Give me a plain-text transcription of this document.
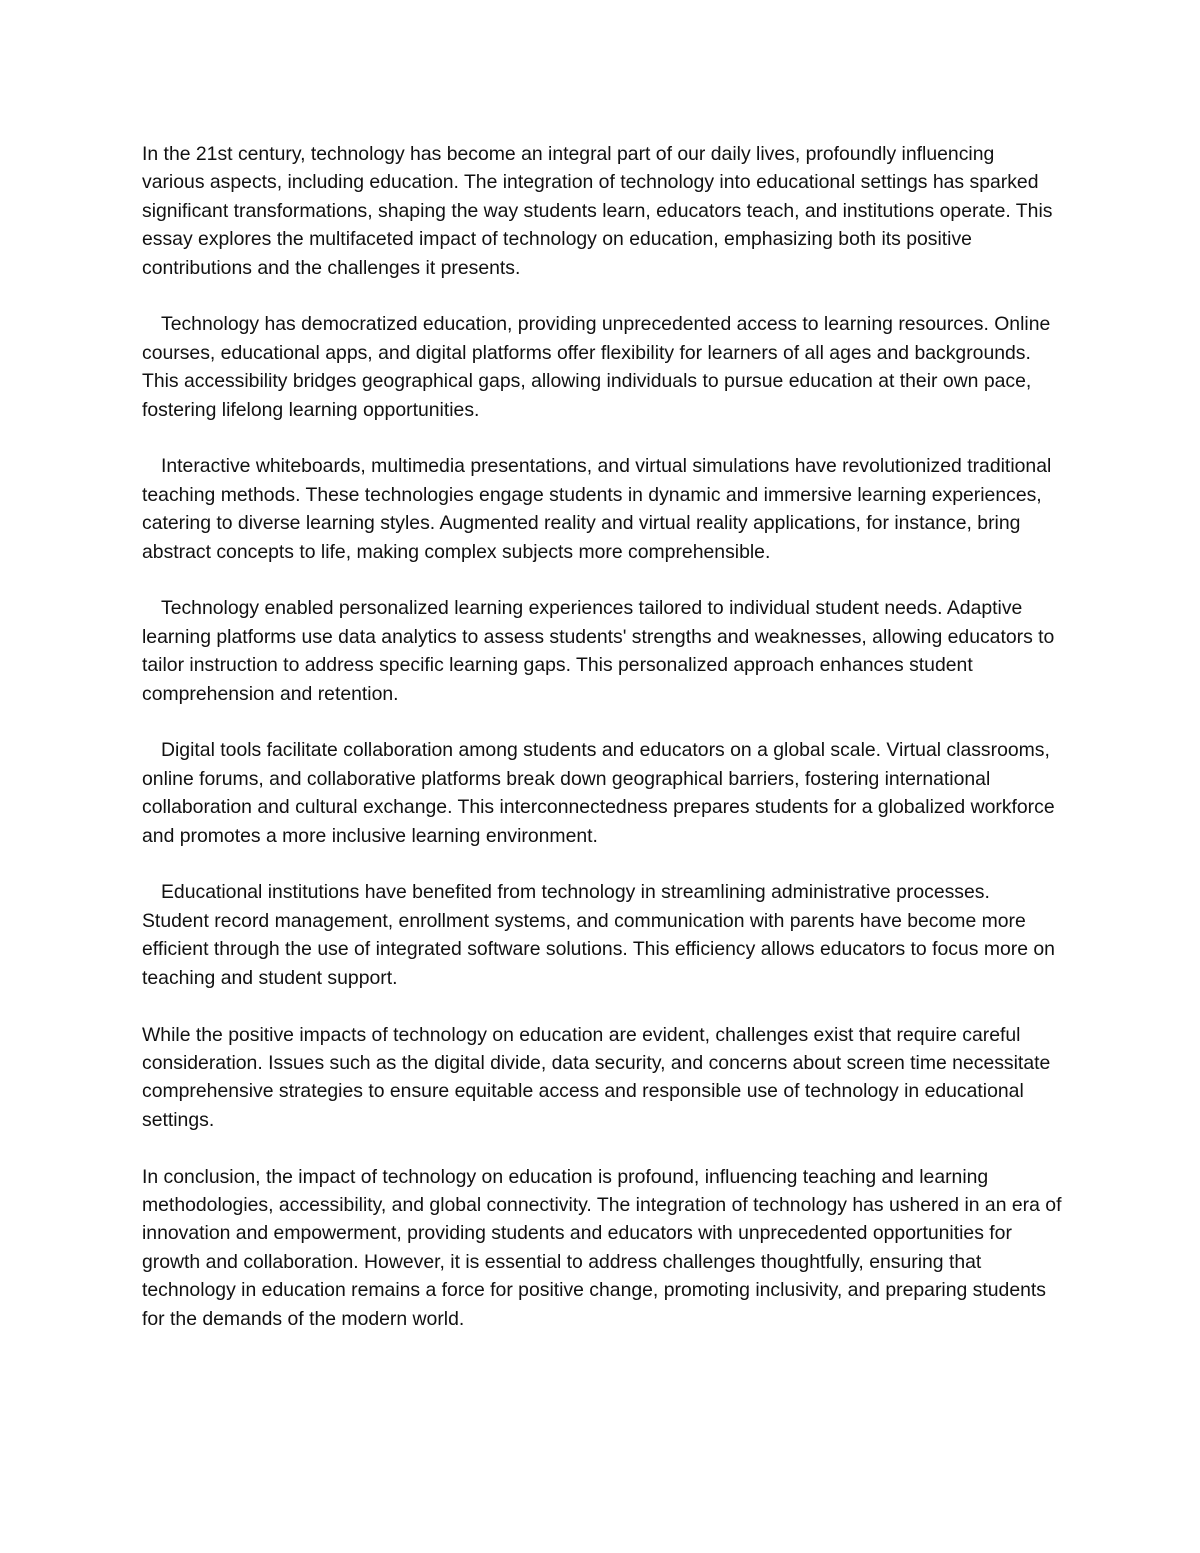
In the 21st century, technology has become an integral part of our daily lives, profoundly influencing various aspects, including education. The integration of technology into educational settings has sparked significant transformations, shaping the way students learn, educators teach, and institutions operate. This essay explores the multifaceted impact of technology on education, emphasizing both its positive contributions and the challenges it presents.

Technology has democratized education, providing unprecedented access to learning resources. Online courses, educational apps, and digital platforms offer flexibility for learners of all ages and backgrounds. This accessibility bridges geographical gaps, allowing individuals to pursue education at their own pace, fostering lifelong learning opportunities.

Interactive whiteboards, multimedia presentations, and virtual simulations have revolutionized traditional teaching methods. These technologies engage students in dynamic and immersive learning experiences, catering to diverse learning styles. Augmented reality and virtual reality applications, for instance, bring abstract concepts to life, making complex subjects more comprehensible.

Technology enabled personalized learning experiences tailored to individual student needs. Adaptive learning platforms use data analytics to assess students' strengths and weaknesses, allowing educators to tailor instruction to address specific learning gaps. This personalized approach enhances student comprehension and retention.

Digital tools facilitate collaboration among students and educators on a global scale. Virtual classrooms, online forums, and collaborative platforms break down geographical barriers, fostering international collaboration and cultural exchange. This interconnectedness prepares students for a globalized workforce and promotes a more inclusive learning environment.

Educational institutions have benefited from technology in streamlining administrative processes. Student record management, enrollment systems, and communication with parents have become more efficient through the use of integrated software solutions. This efficiency allows educators to focus more on teaching and student support.

While the positive impacts of technology on education are evident, challenges exist that require careful consideration. Issues such as the digital divide, data security, and concerns about screen time necessitate comprehensive strategies to ensure equitable access and responsible use of technology in educational settings.

In conclusion, the impact of technology on education is profound, influencing teaching and learning methodologies, accessibility, and global connectivity. The integration of technology has ushered in an era of innovation and empowerment, providing students and educators with unprecedented opportunities for growth and collaboration. However, it is essential to address challenges thoughtfully, ensuring that technology in education remains a force for positive change, promoting inclusivity, and preparing students for the demands of the modern world.
